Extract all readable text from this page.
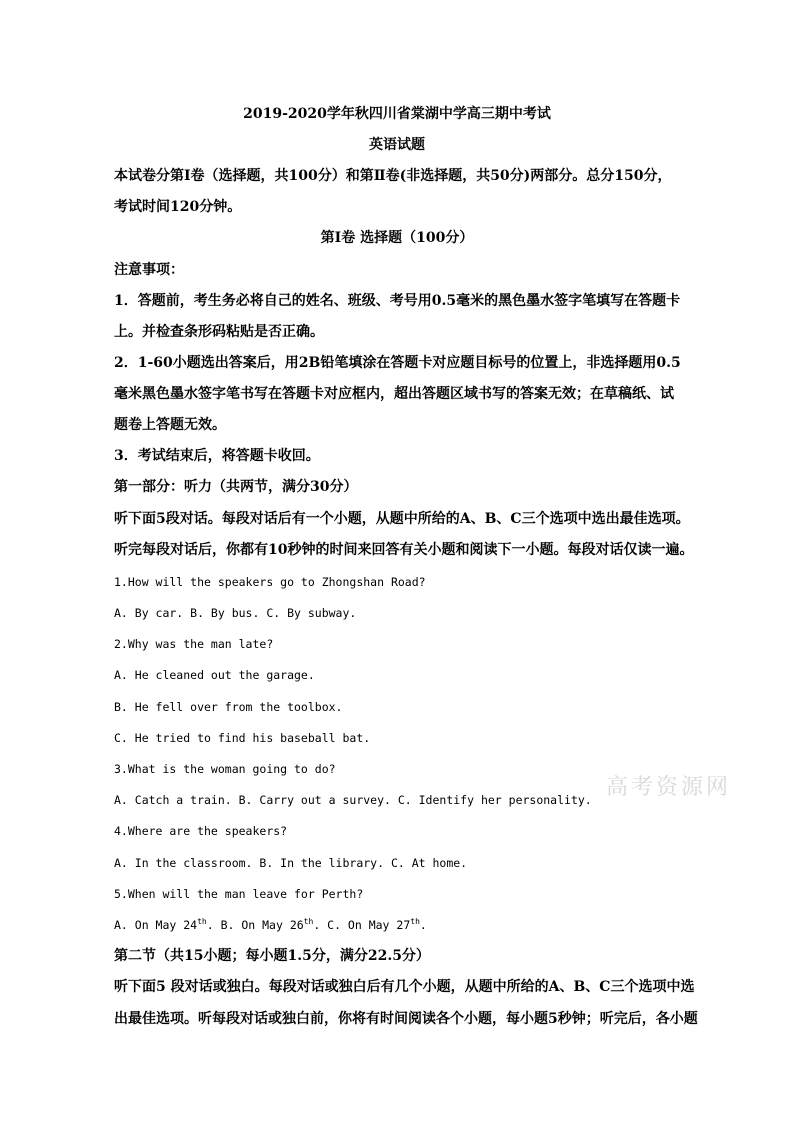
2019-2020学年秋四川省棠湖中学高三期中考试
英语试题
本试卷分第Ⅰ卷（选择题，共100分）和第Ⅱ卷(非选择题，共50分)两部分。总分150分，
考试时间120分钟。
第Ⅰ卷 选择题（100分）
注意事项：
1．答题前，考生务必将自己的姓名、班级、考号用0.5毫米的黑色墨水签字笔填写在答题卡
上。并检查条形码粘贴是否正确。
2．1-60小题选出答案后，用2B铅笔填涂在答题卡对应题目标号的位置上，非选择题用0.5
毫米黑色墨水签字笔书写在答题卡对应框内，超出答题区域书写的答案无效；在草稿纸、试
题卷上答题无效。
3．考试结束后，将答题卡收回。
第一部分：听力（共两节，满分30分）
听下面5段对话。每段对话后有一个小题，从题中所给的A、B、C三个选项中选出最佳选项。
听完每段对话后，你都有10秒钟的时间来回答有关小题和阅读下一小题。每段对话仅读一遍。
1.How will the speakers go to Zhongshan Road?
A. By car. B. By bus. C. By subway.
2.Why was the man late?
A. He cleaned out the garage.
B. He fell over from the toolbox.
C. He tried to find his baseball bat.
3.What is the woman going to do?
A. Catch a train. B. Carry out a survey. C. Identify her personality.
4.Where are the speakers?
A. In the classroom. B. In the library. C. At home.
5.When will the man leave for Perth?
A. On May 24th. B. On May 26th. C. On May 27th.
第二节（共15小题；每小题1.5分，满分22.5分）
听下面5 段对话或独白。每段对话或独白后有几个小题，从题中所给的A、B、C三个选项中选
出最佳选项。听每段对话或独白前，你将有时间阅读各个小题，每小题5秒钟；听完后，各小题
高考资源网
